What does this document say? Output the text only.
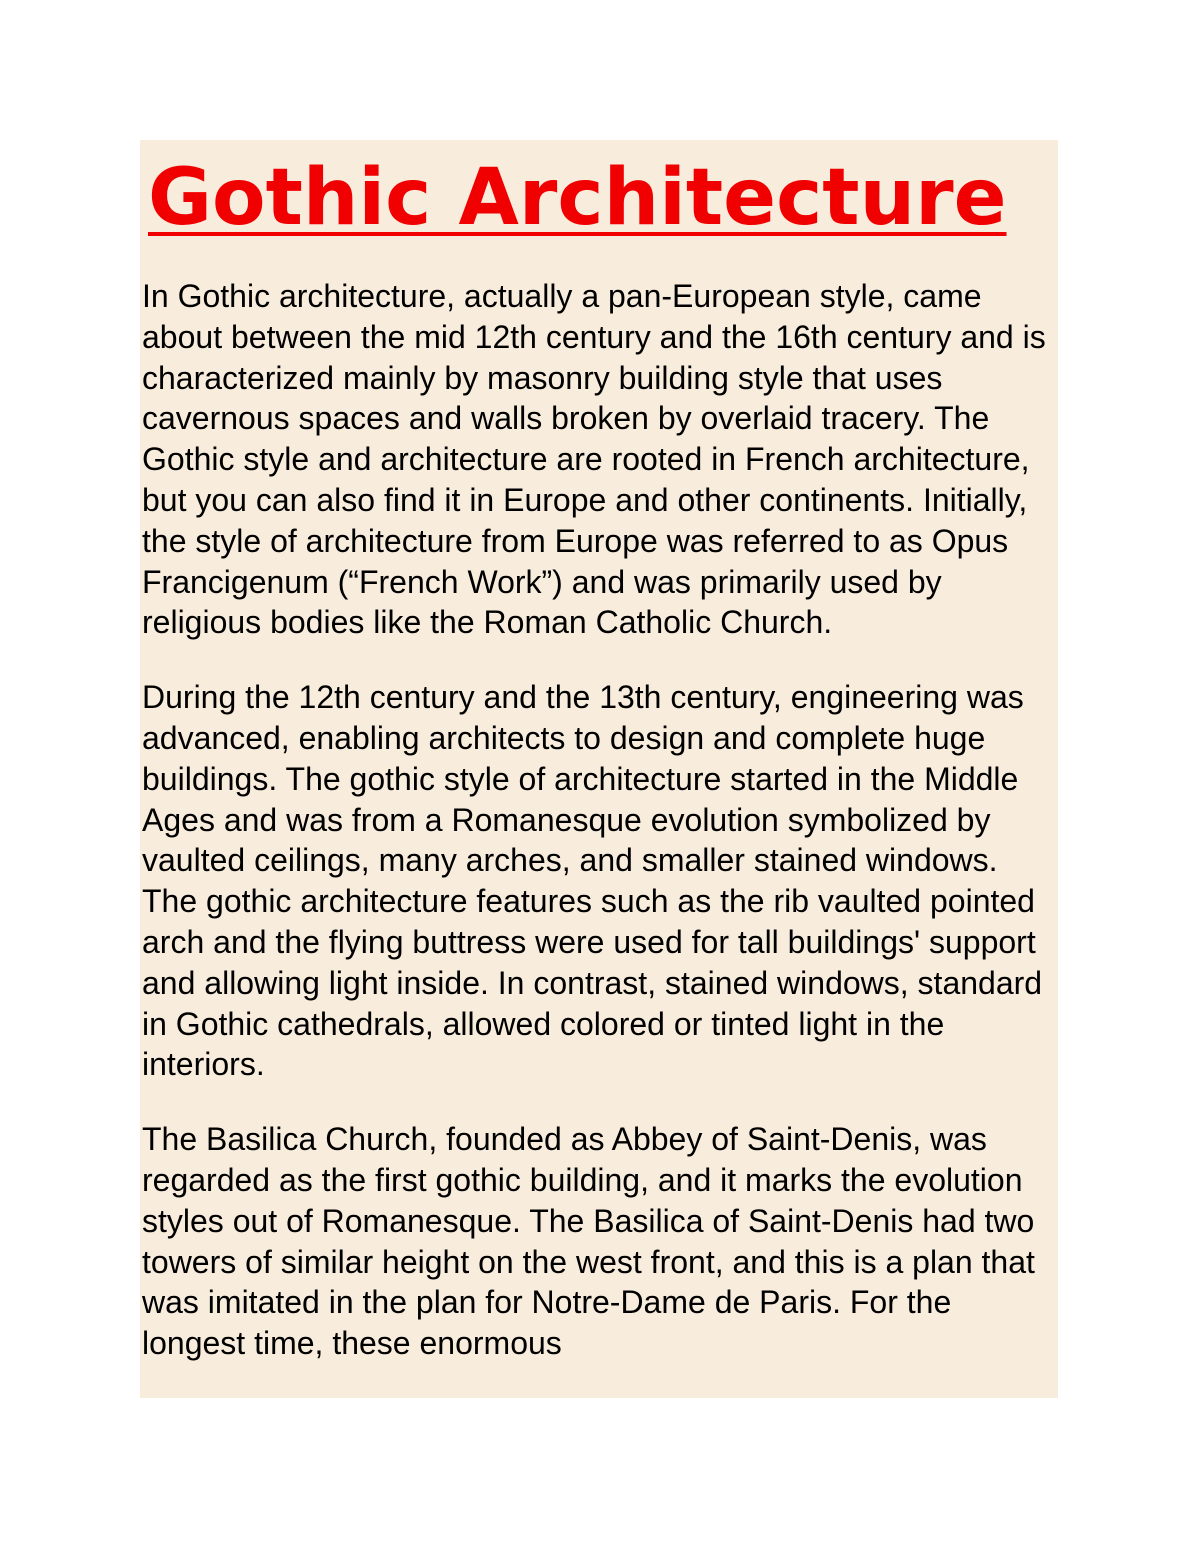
Gothic Architecture

In Gothic architecture, actually a pan-European style, came about between the mid 12th century and the 16th century and is characterized mainly by masonry building style that uses cavernous spaces and walls broken by overlaid tracery. The Gothic style and architecture are rooted in French architecture, but you can also find it in Europe and other continents. Initially, the style of architecture from Europe was referred to as Opus Francigenum (“French Work”) and was primarily used by religious bodies like the Roman Catholic Church.

During the 12th century and the 13th century, engineering was advanced, enabling architects to design and complete huge buildings. The gothic style of architecture started in the Middle Ages and was from a Romanesque evolution symbolized by vaulted ceilings, many arches, and smaller stained windows. The gothic architecture features such as the rib vaulted pointed arch and the flying buttress were used for tall buildings' support and allowing light inside. In contrast, stained windows, standard in Gothic cathedrals, allowed colored or tinted light in the interiors.

The Basilica Church, founded as Abbey of Saint-Denis, was regarded as the first gothic building, and it marks the evolution styles out of Romanesque. The Basilica of Saint-Denis had two towers of similar height on the west front, and this is a plan that was imitated in the plan for Notre-Dame de Paris. For the longest time, these enormous
